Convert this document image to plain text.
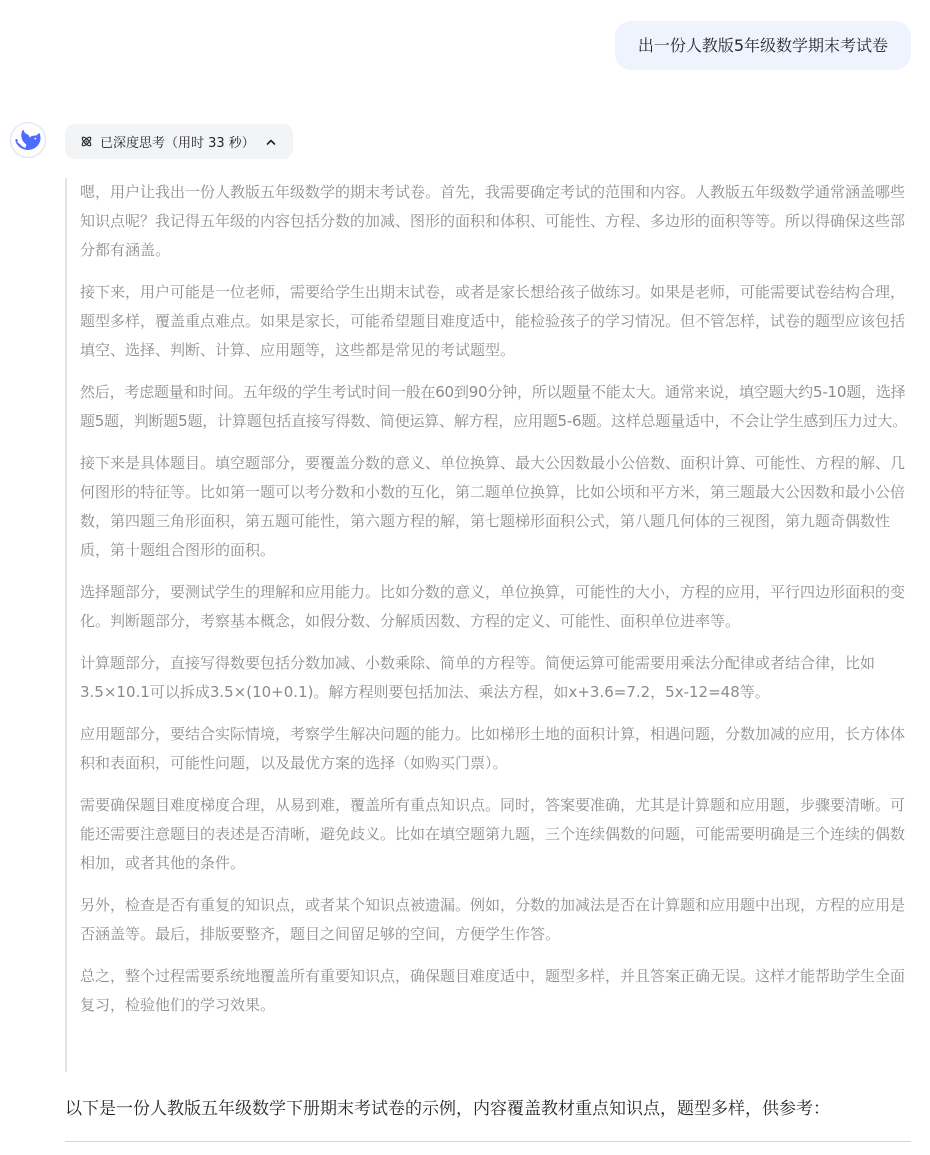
出一份人教版5年级数学期末考试卷
已深度思考（用时 33 秒）

嗯，用户让我出一份人教版五年级数学的期末考试卷。首先，我需要确定考试的范围和内容。人教版五年级数学通常涵盖哪些知识点呢？我记得五年级的内容包括分数的加减、图形的面积和体积、可能性、方程、多边形的面积等等。所以得确保这些部分都有涵盖。

接下来，用户可能是一位老师，需要给学生出期末试卷，或者是家长想给孩子做练习。如果是老师，可能需要试卷结构合理，题型多样，覆盖重点难点。如果是家长，可能希望题目难度适中，能检验孩子的学习情况。但不管怎样，试卷的题型应该包括填空、选择、判断、计算、应用题等，这些都是常见的考试题型。

然后，考虑题量和时间。五年级的学生考试时间一般在60到90分钟，所以题量不能太大。通常来说，填空题大约5-10题，选择题5题，判断题5题，计算题包括直接写得数、简便运算、解方程，应用题5-6题。这样总题量适中，不会让学生感到压力过大。

接下来是具体题目。填空题部分，要覆盖分数的意义、单位换算、最大公因数最小公倍数、面积计算、可能性、方程的解、几何图形的特征等。比如第一题可以考分数和小数的互化，第二题单位换算，比如公顷和平方米，第三题最大公因数和最小公倍数，第四题三角形面积，第五题可能性，第六题方程的解，第七题梯形面积公式，第八题几何体的三视图，第九题奇偶数性质，第十题组合图形的面积。

选择题部分，要测试学生的理解和应用能力。比如分数的意义，单位换算，可能性的大小，方程的应用，平行四边形面积的变化。判断题部分，考察基本概念，如假分数、分解质因数、方程的定义、可能性、面积单位进率等。

计算题部分，直接写得数要包括分数加减、小数乘除、简单的方程等。简便运算可能需要用乘法分配律或者结合律，比如3.5×10.1可以拆成3.5×(10+0.1)。解方程则要包括加法、乘法方程，如x+3.6=7.2，5x-12=48等。

应用题部分，要结合实际情境，考察学生解决问题的能力。比如梯形土地的面积计算，相遇问题，分数加减的应用，长方体体积和表面积，可能性问题，以及最优方案的选择（如购买门票）。

需要确保题目难度梯度合理，从易到难，覆盖所有重点知识点。同时，答案要准确，尤其是计算题和应用题，步骤要清晰。可能还需要注意题目的表述是否清晰，避免歧义。比如在填空题第九题，三个连续偶数的问题，可能需要明确是三个连续的偶数相加，或者其他的条件。

另外，检查是否有重复的知识点，或者某个知识点被遗漏。例如，分数的加减法是否在计算题和应用题中出现，方程的应用是否涵盖等。最后，排版要整齐，题目之间留足够的空间，方便学生作答。

总之，整个过程需要系统地覆盖所有重要知识点，确保题目难度适中，题型多样，并且答案正确无误。这样才能帮助学生全面复习，检验他们的学习效果。

以下是一份人教版五年级数学下册期末考试卷的示例，内容覆盖教材重点知识点，题型多样，供参考：
